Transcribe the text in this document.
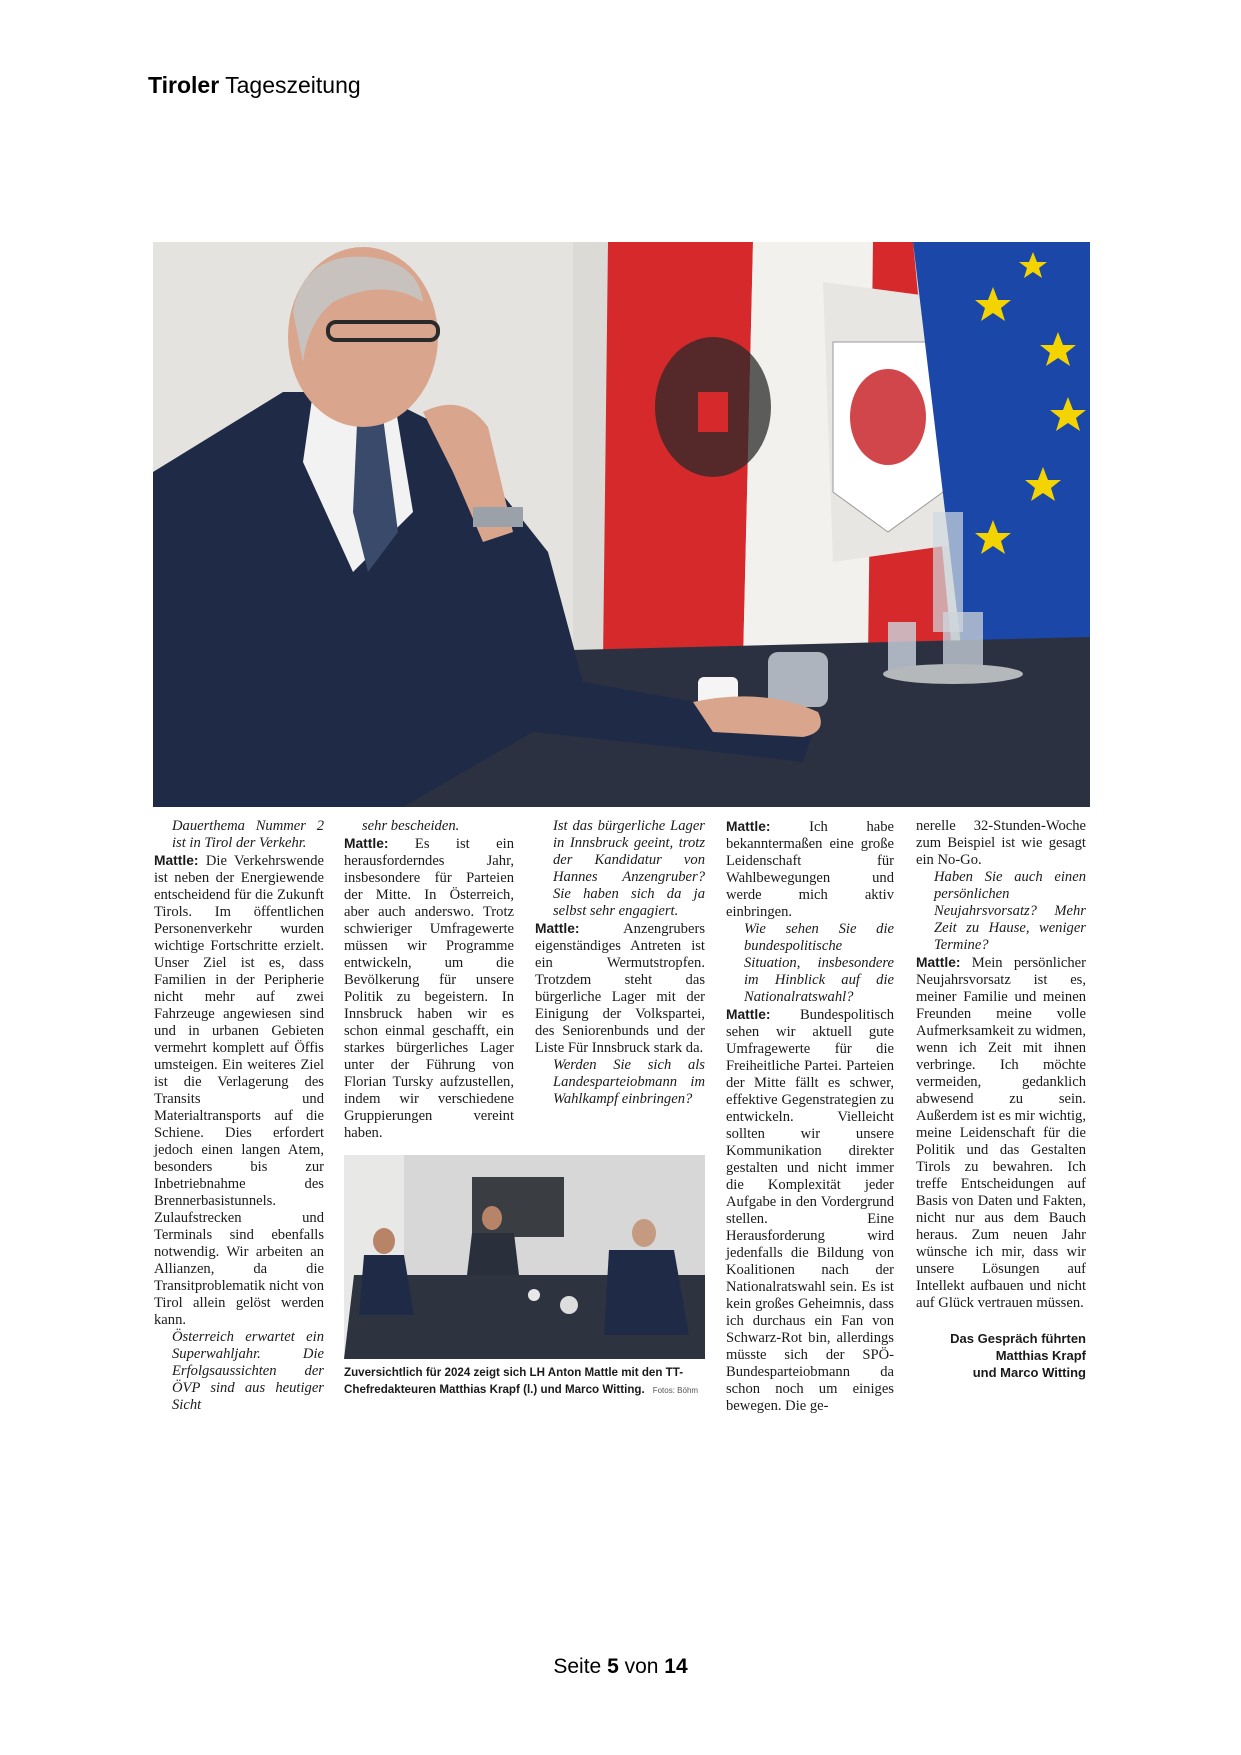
Tiroler Tageszeitung

Dauerthema Nummer 2 ist in Tirol der Verkehr.

Mattle: Die Verkehrswende ist neben der Energiewende entscheidend für die Zukunft Tirols. Im öffentlichen Personenverkehr wurden wichtige Fortschritte erzielt. Unser Ziel ist es, dass Familien in der Peripherie nicht mehr auf zwei Fahrzeuge angewiesen sind und in urbanen Gebieten vermehrt komplett auf Öffis umsteigen. Ein weiteres Ziel ist die Verlagerung des Transits und Materialtransports auf die Schiene. Dies erfordert jedoch einen langen Atem, besonders bis zur Inbetriebnahme des Brennerbasistunnels. Zulaufstrecken und Terminals sind ebenfalls notwendig. Wir arbeiten an Allianzen, da die Transitproblematik nicht von Tirol allein gelöst werden kann.

Österreich erwartet ein Superwahljahr. Die Erfolgsaussichten der ÖVP sind aus heutiger Sicht

sehr bescheiden.

Mattle: Es ist ein herausforderndes Jahr, insbesondere für Parteien der Mitte. In Österreich, aber auch anderswo. Trotz schwieriger Umfragewerte müssen wir Programme entwickeln, um die Bevölkerung für unsere Politik zu begeistern. In Innsbruck haben wir es schon einmal geschafft, ein starkes bürgerliches Lager unter der Führung von Florian Tursky aufzustellen, indem wir verschiedene Gruppierungen vereint haben.

Ist das bürgerliche Lager in Innsbruck geeint, trotz der Kandidatur von Hannes Anzengruber? Sie haben sich da ja selbst sehr engagiert.

Mattle: Anzengrubers eigenständiges Antreten ist ein Wermutstropfen. Trotzdem steht das bürgerliche Lager mit der Einigung der Volkspartei, des Seniorenbunds und der Liste Für Innsbruck stark da.

Werden Sie sich als Landesparteiobmann im Wahlkampf einbringen?

Zuversichtlich für 2024 zeigt sich LH Anton Mattle mit den TT-Chefredakteuren Matthias Krapf (l.) und Marco Witting. Fotos: Böhm

Mattle: Ich habe bekanntermaßen eine große Leidenschaft für Wahlbewegungen und werde mich aktiv einbringen.

Wie sehen Sie die bundespolitische Situation, insbesondere im Hinblick auf die Nationalratswahl?

Mattle: Bundespolitisch sehen wir aktuell gute Umfragewerte für die Freiheitliche Partei. Parteien der Mitte fällt es schwer, effektive Gegenstrategien zu entwickeln. Vielleicht sollten wir unsere Kommunikation direkter gestalten und nicht immer die Komplexität jeder Aufgabe in den Vordergrund stellen. Eine Herausforderung wird jedenfalls die Bildung von Koalitionen nach der Nationalratswahl sein. Es ist kein großes Geheimnis, dass ich durchaus ein Fan von Schwarz-Rot bin, allerdings müsste sich der SPÖ-Bundesparteiobmann da schon noch um einiges bewegen. Die ge-

nerelle 32-Stunden-Woche zum Beispiel ist wie gesagt ein No-Go.

Haben Sie auch einen persönlichen Neujahrsvorsatz? Mehr Zeit zu Hause, weniger Termine?

Mattle: Mein persönlicher Neujahrsvorsatz ist es, meiner Familie und meinen Freunden meine volle Aufmerksamkeit zu widmen, wenn ich Zeit mit ihnen verbringe. Ich möchte vermeiden, gedanklich abwesend zu sein. Außerdem ist es mir wichtig, meine Leidenschaft für die Politik und das Gestalten Tirols zu bewahren. Ich treffe Entscheidungen auf Basis von Daten und Fakten, nicht nur aus dem Bauch heraus. Zum neuen Jahr wünsche ich mir, dass wir unsere Lösungen auf Intellekt aufbauen und nicht auf Glück vertrauen müssen.

Das Gespräch führten
Matthias Krapf
und Marco Witting
Seite 5 von 14
